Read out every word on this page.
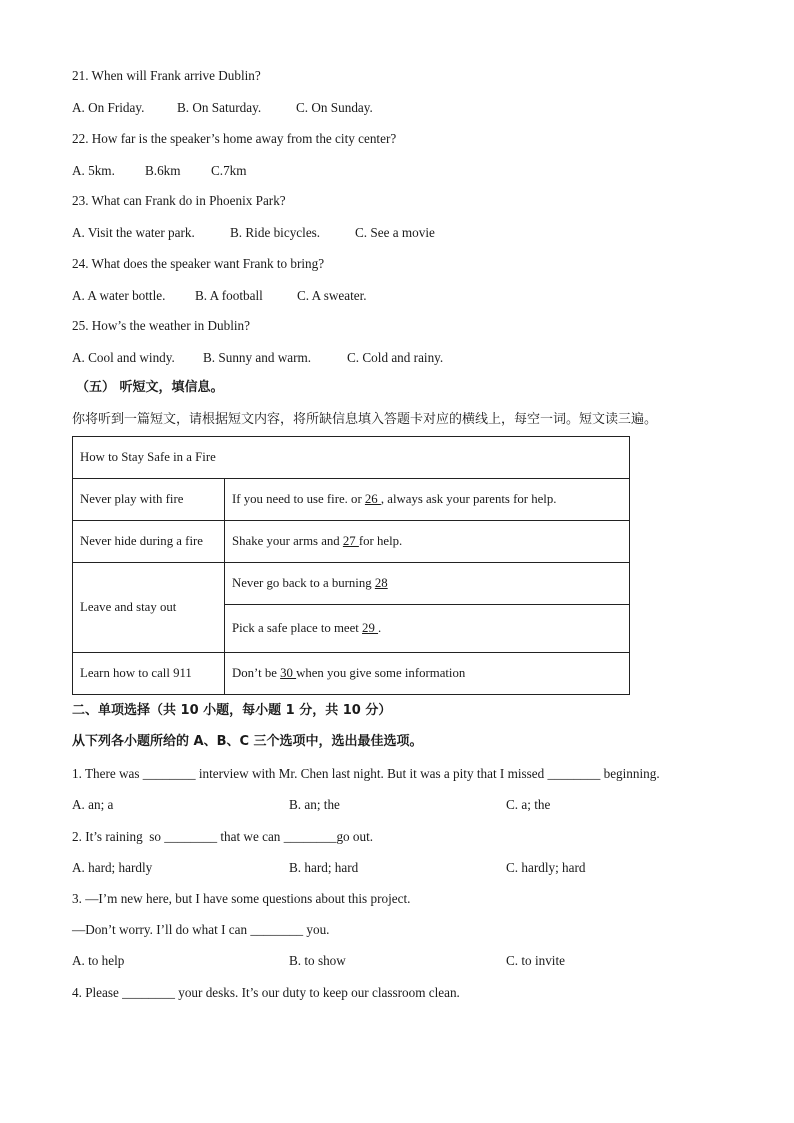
21. When will Frank arrive Dublin?
A. On Friday. B. On Saturday.	C. On Sunday.
22. How far is the speaker’s home away from the city center?
A. 5km. B.6km C.7km
23. What can Frank do in Phoenix Park?
A. Visit the water park.	B. Ride bicycles.	C. See a movie
24. What does the speaker want Frank to bring?
A. A water bottle. B. A football	C. A sweater.
25. How’s the weather in Dublin?
A. Cool and windy. B. Sunny and warm.	C. Cold and rainy.
（五） 听短文，填信息。
你将听到一篇短文，请根据短文内容，将所缺信息填入答题卡对应的横线上，每空一词。短文读三遍。
How to Stay Safe in a Fire	
Never play with fire	If you need to use fire. or 26 , always ask your parents for help.
Never hide during a fire	Shake your arms and 27 for help.
Leave and stay out	Never go back to a burning 28
	Pick a safe place to meet 29 .
Learn how to call 911	Don’t be 30 when you give some information
二、单项选择（共 10 小题，每小题 1 分，共 10 分）
从下列各小题所给的 A、B、C 三个选项中，选出最佳选项。
1. There was ________ interview with Mr. Chen last night. But it was a pity that I missed ________ beginning.
A. an; a	B. an; the	C. a; the
2. It’s raining  so ________ that we can ________go out.
A. hard; hardly	B. hard; hard	C. hardly; hard
3. —I’m new here, but I have some questions about this project.
—Don’t worry. I’ll do what I can ________ you.
A. to help	B. to show	C. to invite
4. Please ________ your desks. It’s our duty to keep our classroom clean.
